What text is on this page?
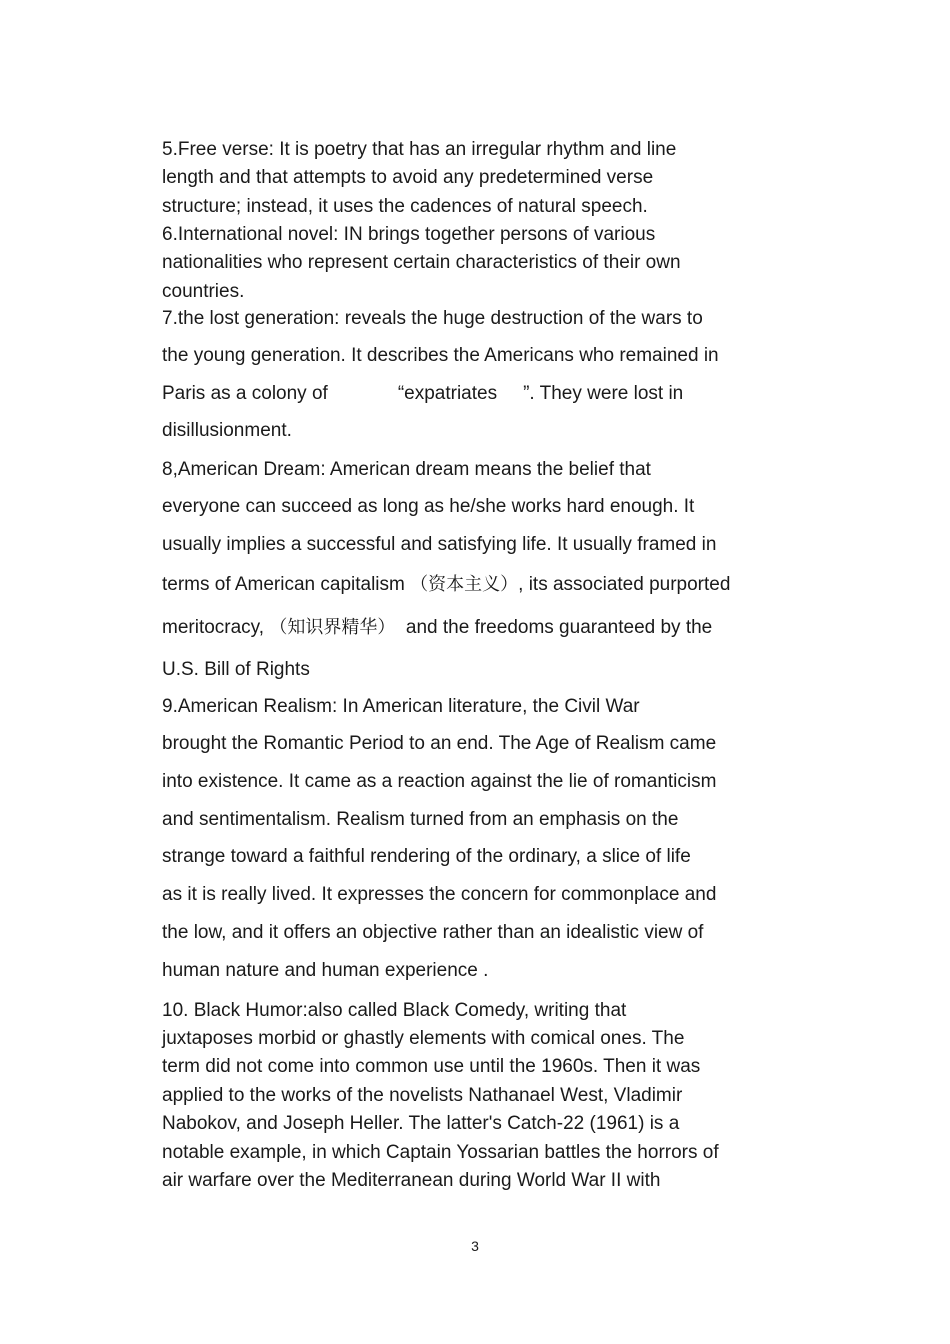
5.Free verse: It is poetry that has an irregular rhythm and line

length and that attempts to avoid any predetermined verse

structure; instead, it uses the cadences of natural speech.

6.International novel: IN brings together persons of various

nationalities who represent certain characteristics of their own

countries.

7.the lost generation: reveals the huge destruction of the wars to

the young generation. It describes the Americans who remained in

Paris as a colony of	“expatriates ”. They were lost in

disillusionment.

8,American Dream: American dream means the belief that

everyone can succeed as long as he/she works hard enough. It

usually implies a successful and satisfying life. It usually framed in

terms of American capitalism （资本主义）, its associated purported

meritocracy, （知识界精华） and the freedoms guaranteed by the

U.S. Bill of Rights

9.American Realism: In American literature, the Civil War

brought the Romantic Period to an end. The Age of Realism came

into existence. It came as a reaction against the lie of romanticism

and sentimentalism. Realism turned from an emphasis on the

strange toward a faithful rendering of the ordinary, a slice of life

as it is really lived. It expresses the concern for commonplace and

the low, and it offers an objective rather than an idealistic view of

human nature and human experience .

10. Black Humor:also called Black Comedy, writing that

juxtaposes morbid or ghastly elements with comical ones. The

term did not come into common use until the 1960s. Then it was

applied to the works of the novelists Nathanael West, Vladimir

Nabokov, and Joseph Heller. The latter's Catch-22 (1961) is a

notable example, in which Captain Yossarian battles the horrors of

air warfare over the Mediterranean during World War II with

3
